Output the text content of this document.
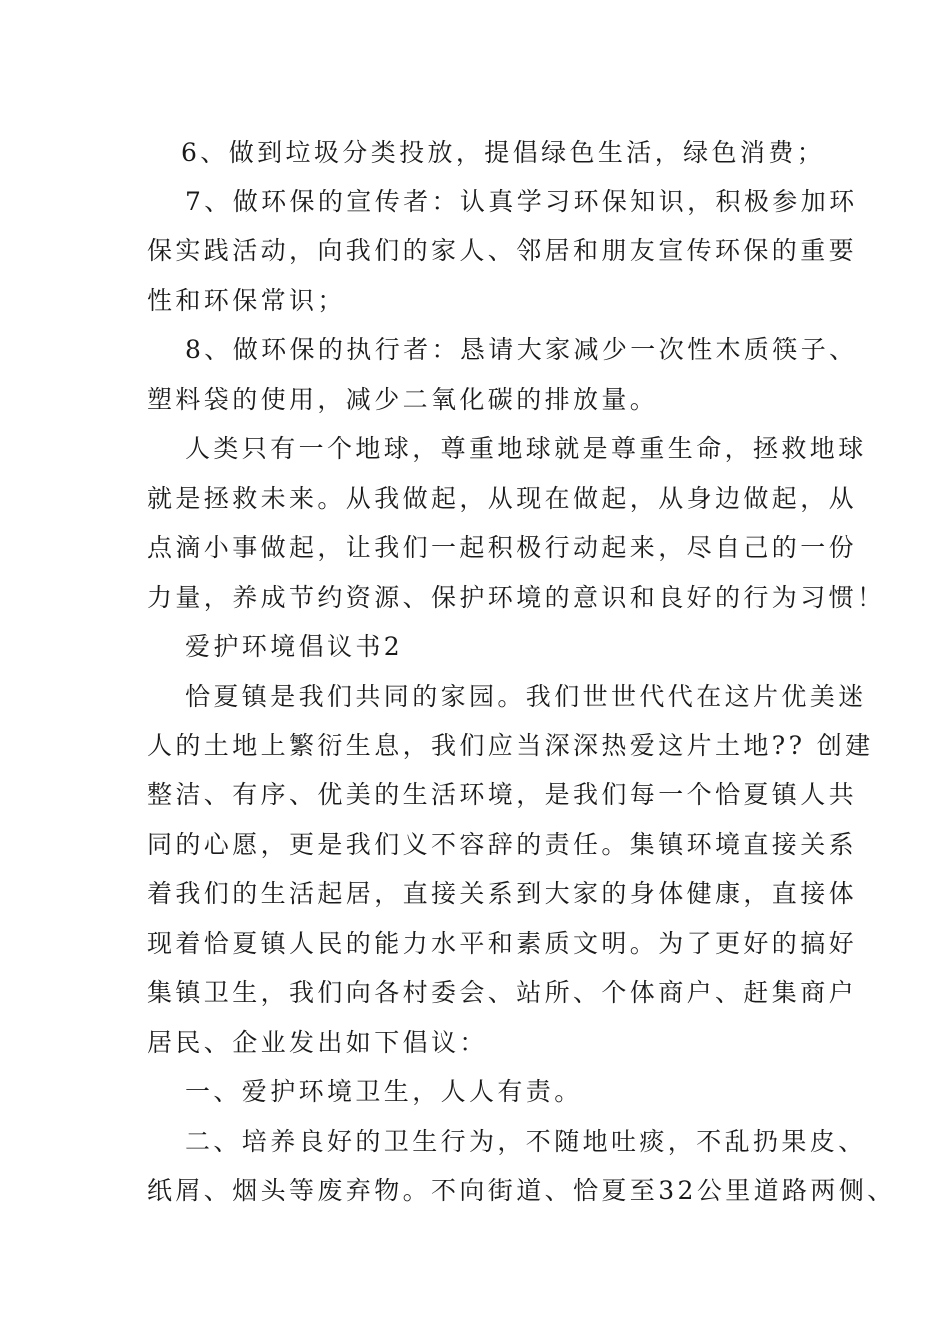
6、做到垃圾分类投放，提倡绿色生活，绿色消费；
7、做环保的宣传者：认真学习环保知识，积极参加环
保实践活动，向我们的家人、邻居和朋友宣传环保的重要
性和环保常识；
8、做环保的执行者：恳请大家减少一次性木质筷子、
塑料袋的使用，减少二氧化碳的排放量。
人类只有一个地球，尊重地球就是尊重生命，拯救地球
就是拯救未来。从我做起，从现在做起，从身边做起，从
点滴小事做起，让我们一起积极行动起来，尽自己的一份
力量，养成节约资源、保护环境的意识和良好的行为习惯！
爱护环境倡议书2
恰夏镇是我们共同的家园。我们世世代代在这片优美迷
人的土地上繁衍生息，我们应当深深热爱这片土地?? 创建
整洁、有序、优美的生活环境，是我们每一个恰夏镇人共
同的心愿，更是我们义不容辞的责任。集镇环境直接关系
着我们的生活起居，直接关系到大家的身体健康，直接体
现着恰夏镇人民的能力水平和素质文明。为了更好的搞好
集镇卫生，我们向各村委会、站所、个体商户、赶集商户
居民、企业发出如下倡议：
一、爱护环境卫生，人人有责。
二、培养良好的卫生行为，不随地吐痰，不乱扔果皮、
纸屑、烟头等废弃物。不向街道、恰夏至32公里道路两侧、
